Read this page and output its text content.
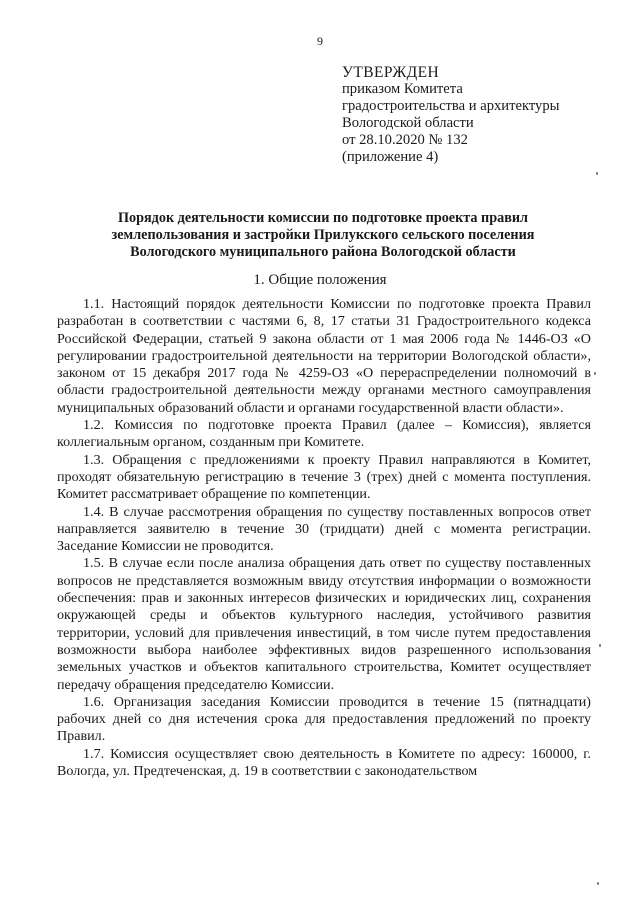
9
УТВЕРЖДЕН
приказом Комитета
градостроительства и архитектуры
Вологодской области
от 28.10.2020 № 132
(приложение 4)
Порядок деятельности комиссии по подготовке проекта правил
землепользования и застройки Прилукского сельского поселения
Вологодского муниципального района Вологодской области
1. Общие положения

1.1. Настоящий порядок деятельности Комиссии по подготовке проекта Правил разработан в соответствии с частями 6, 8, 17 статьи 31 Градостроительного кодекса Российской Федерации, статьей 9 закона области от 1 мая 2006 года № 1446-ОЗ «О регулировании градостроительной деятельности на территории Вологодской области», законом от 15 декабря 2017 года № 4259-ОЗ «О перераспределении полномочий в области градостроительной деятельности между органами местного самоуправления муниципальных образований области и органами государственной власти области».

1.2. Комиссия по подготовке проекта Правил (далее – Комиссия), является коллегиальным органом, созданным при Комитете.

1.3. Обращения с предложениями к проекту Правил направляются в Комитет, проходят обязательную регистрацию в течение 3 (трех) дней с момента поступления. Комитет рассматривает обращение по компетенции.

1.4. В случае рассмотрения обращения по существу поставленных вопросов ответ направляется заявителю в течение 30 (тридцати) дней с момента регистрации. Заседание Комиссии не проводится.

1.5. В случае если после анализа обращения дать ответ по существу поставленных вопросов не представляется возможным ввиду отсутствия информации о возможности обеспечения: прав и законных интересов физических и юридических лиц, сохранения окружающей среды и объектов культурного наследия, устойчивого развития территории, условий для привлечения инвестиций, в том числе путем предоставления возможности выбора наиболее эффективных видов разрешенного использования земельных участков и объектов капитального строительства, Комитет осуществляет передачу обращения председателю Комиссии.

1.6. Организация заседания Комиссии проводится в течение 15 (пятнадцати) рабочих дней со дня истечения срока для предоставления предложений по проекту Правил.

1.7. Комиссия осуществляет свою деятельность в Комитете по адресу: 160000, г. Вологда, ул. Предтеченская, д. 19 в соответствии с законодательством
